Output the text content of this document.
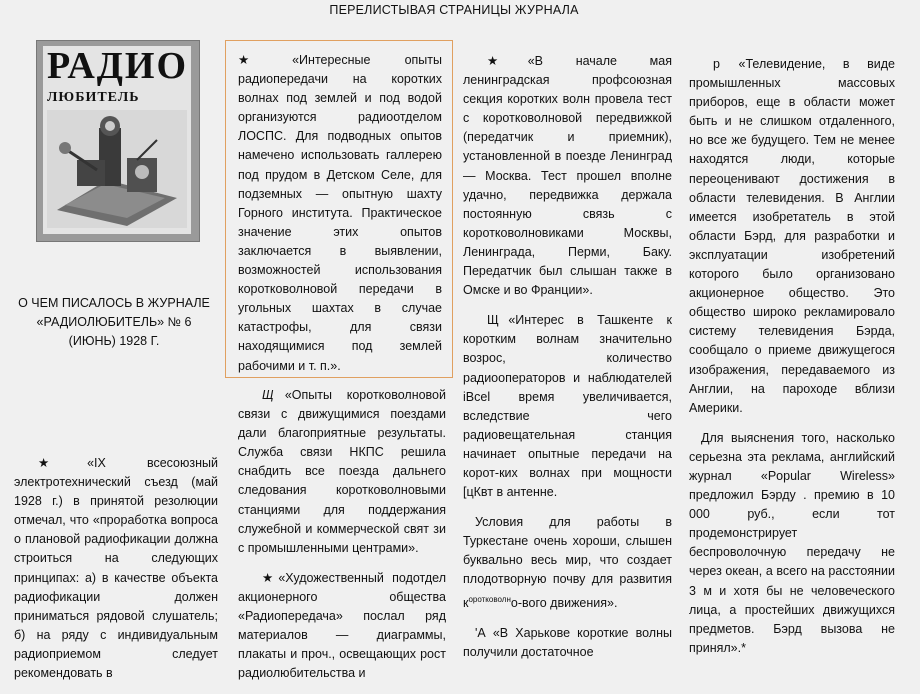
ПЕРЕЛИСТЫВАЯ СТРАНИЦЫ ЖУРНАЛА
РАДИО
ЛЮБИТЕЛЬ
О ЧЕМ ПИСАЛОСЬ В ЖУРНАЛЕ «РАДИОЛЮБИТЕЛЬ» № 6 (ИЮНЬ) 1928 Г.

★	«IX всесоюзный электротехнический съезд (май 1928 г.) в принятой резолюции отмечал, что «проработка вопроса о плановой радиофикации должна строиться на следующих принципах: а) в качестве объекта радиофикации должен приниматься рядовой слушатель; б) на ряду с индивидуальным радиоприемом следует рекомендовать в

★	«Интересные опыты радиопередачи на коротких волнах под землей и под водой организуются радиоотделом ЛОСПС. Для подводных опытов намечено использовать галлерею под прудом в Детском Селе, для подземных — опытную шахту Горного института. Практическое значение этих опытов заключается в выявлении, возможностей использования коротковолновой передачи в угольных шахтах в случае катастрофы, для связи находящимися под землей рабочими и т. п.».

Щ «Опыты коротковолновой связи с движущимися поездами дали благоприятные результаты. Служба связи НКПС решила снабдить все поезда дальнего следования коротковолновыми станциями для поддержания служебной и коммерческой свят зи с промышленными центрами».

★ «Художественный подотдел акционерного общества «Радиопередача» послал ряд материалов — диаграммы, плакаты и проч., освещающих рост радиолюбительства и

★ «В начале мая ленинградская профсоюзная секция коротких волн провела тест с коротковолновой передвижкой (передатчик и приемник), установленной в поезде Ленинград — Москва. Тест прошел вполне удачно, передвижка держала постоянную связь с коротковолновиками Москвы, Ленинграда, Перми, Баку. Передатчик был слышан также в Омске и во Франции».

Щ «Интерес в Ташкенте к коротким волнам значительно возрос, количество радиооператоров и наблюдателей iBcel время увеличивается, вследствие чего радиовещательная станция начинает опытные передачи на корот-ких волнах при мощности [цКвт в антенне.

Условия для работы в Туркестане очень хороши, слышен буквально весь мир, что создает плодотворную почву для развития $к^{оротковолн}о$-вого движения».

'А «В Харькове короткие волны получили достаточное

р «Телевидение, в виде промышленных массовых приборов, еще в области может быть и не слишком отдаленного, но все же будущего. Тем не менее находятся люди, которые переоценивают достижения в области телевидения. В Англии имеется изобретатель в этой области Бэрд, для разработки и эксплуатации изобретений которого было организовано акционерное общество. Это общество широко рекламировало систему телевидения Бэрда, сообщало о приеме движущегося изображения, передаваемого из Англии, на пароходе вблизи Америки.

Для выяснения того, насколько серьезна эта реклама, английский журнал «Popular Wireless» предложил Бэрду . премию в 10 000 руб., если тот продемонстрирует беспроволочную передачу не через океан, а всего на расстоянии 3 м и хотя бы не человеческого лица, а простейших движущихся предметов. Бэрд вызова не принял».*
